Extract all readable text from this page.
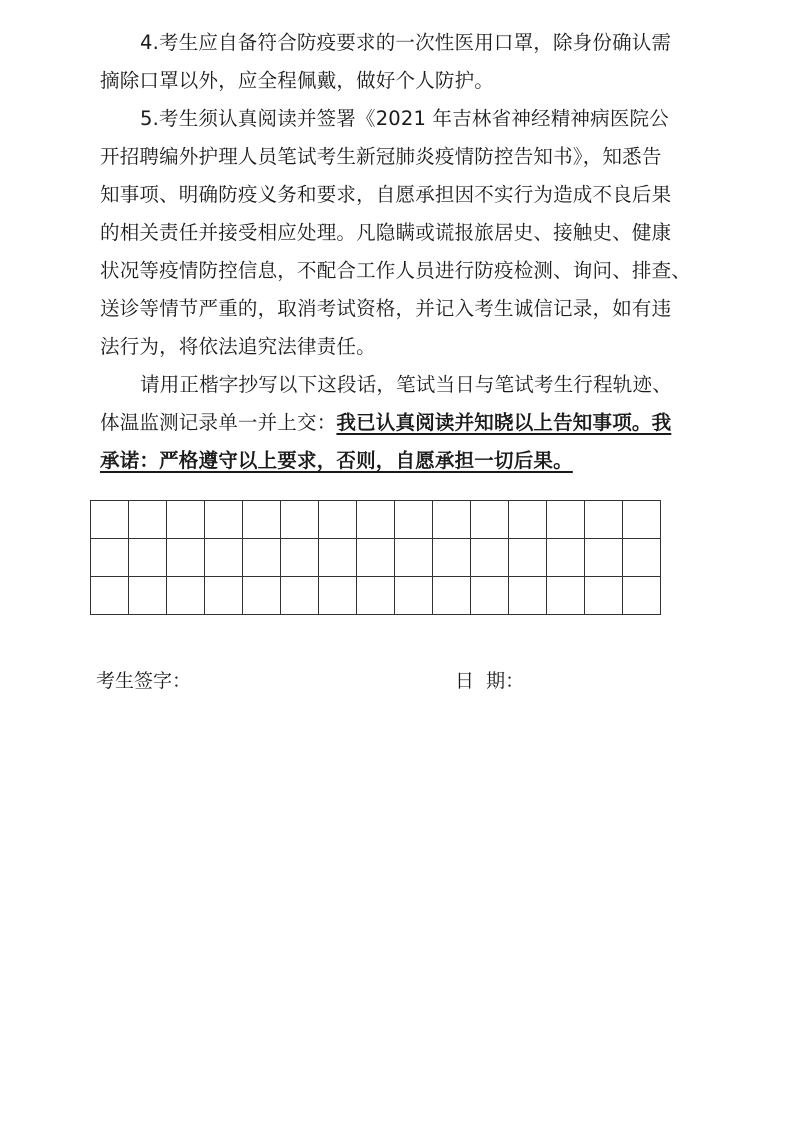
4.考生应自备符合防疫要求的一次性医用口罩，除身份确认需
摘除口罩以外，应全程佩戴，做好个人防护。
5.考生须认真阅读并签署《2021 年吉林省神经精神病医院公
开招聘编外护理人员笔试考生新冠肺炎疫情防控告知书》，知悉告
知事项、明确防疫义务和要求，自愿承担因不实行为造成不良后果
的相关责任并接受相应处理。凡隐瞒或谎报旅居史、接触史、健康
状况等疫情防控信息，不配合工作人员进行防疫检测、询问、排查、
送诊等情节严重的，取消考试资格，并记入考生诚信记录，如有违
法行为，将依法追究法律责任。
请用正楷字抄写以下这段话，笔试当日与笔试考生行程轨迹、
体温监测记录单一并上交：我已认真阅读并知晓以上告知事项。我
承诺：严格遵守以上要求，否则，自愿承担一切后果。

考生签字：	日  期：
